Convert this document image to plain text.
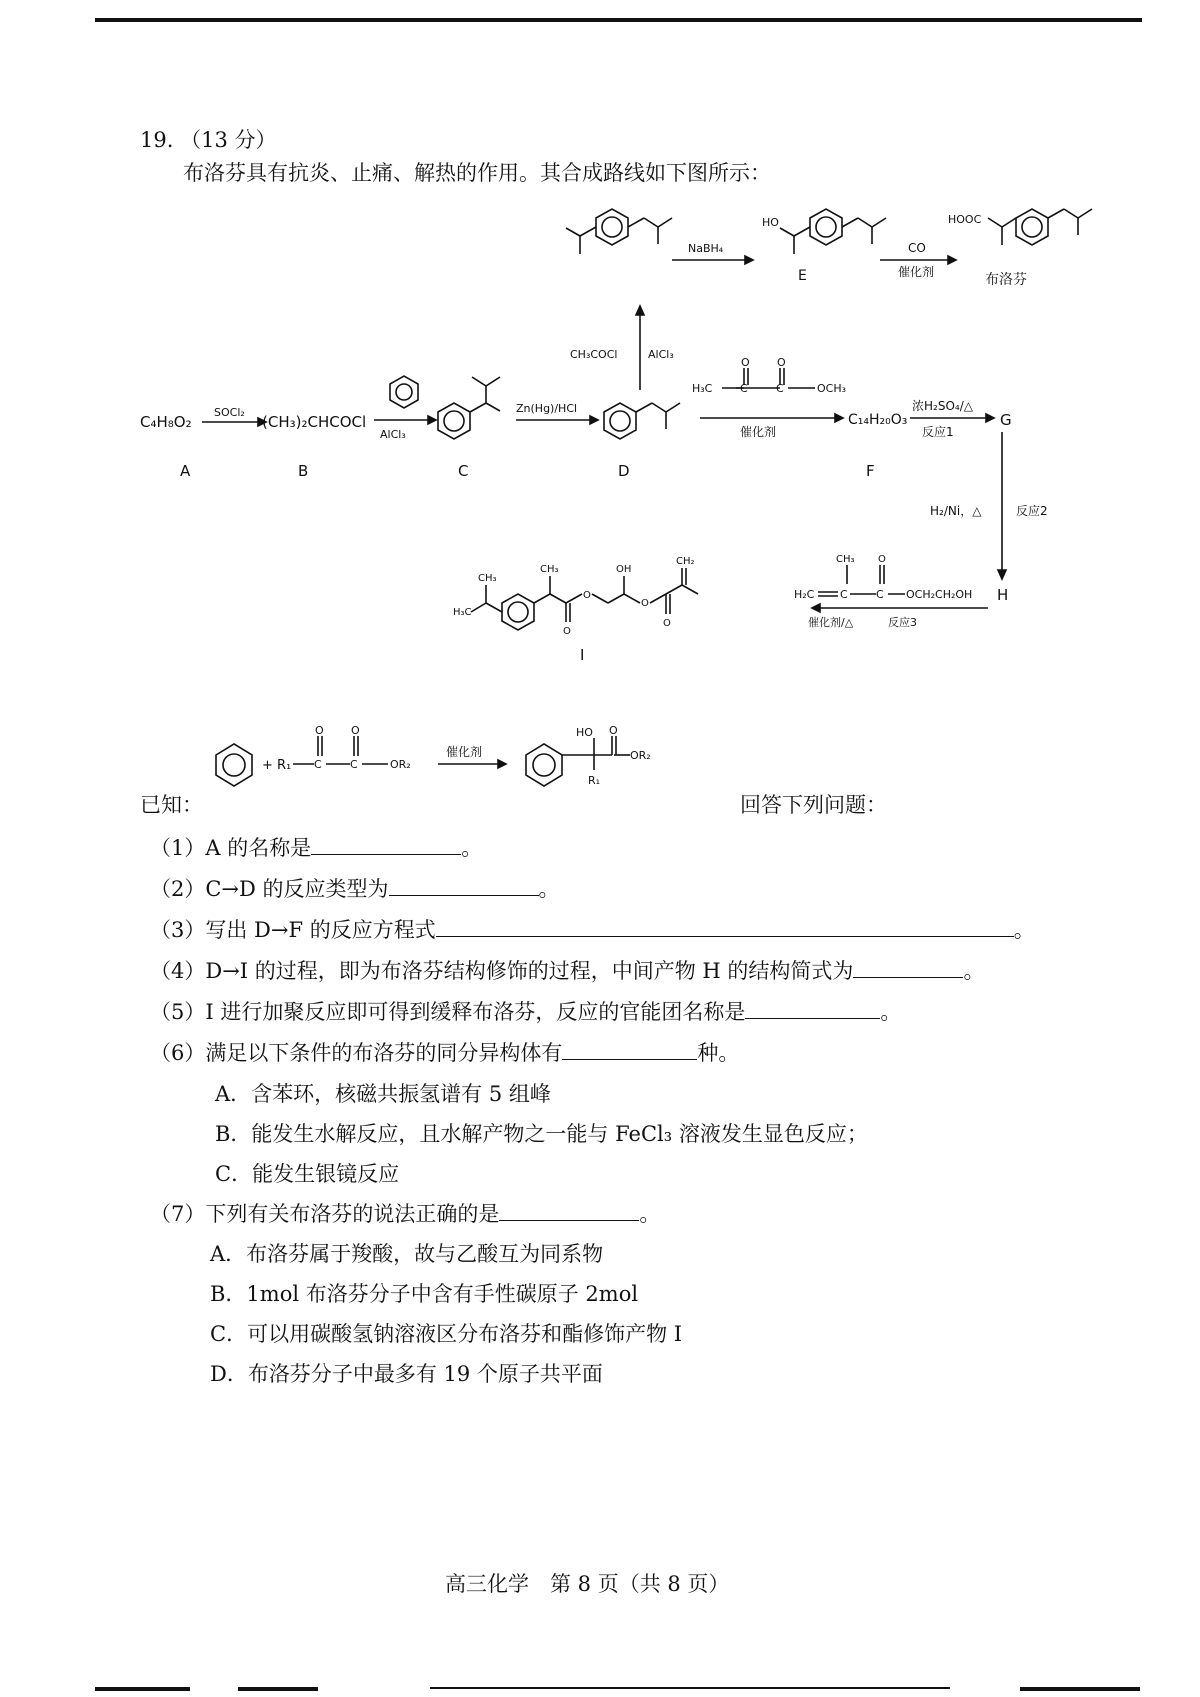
19. （13 分）
布洛芬具有抗炎、止痛、解热的作用。其合成路线如下图所示：
NaBH₄
HO
E
CO
催化剂
HOOC
布洛芬
CH₃COCl	AlCl₃
C₄H₈O₂
SOCl₂
(CH₃)₂CHCOCl
AlCl₃
Zn(Hg)/HCl
H₃C	C	C
O O
OCH₃
催化剂
C₁₄H₂₀O₃
浓H₂SO₄/△
反应1
G
A	B	C	D	F
H₂/Ni，△	反应2
H
H₂C C
CH₃
C
O
OCH₂CH₂OH
催化剂/△	反应3
H₃C
CH₃
CH₃
O
O
OH
O
O
CH₂
I
+ R₁ C	C
O O
OR₂
催化剂
HO
R₁
O
OR₂
已知：	回答下列问题：
（1）A 的名称是	。
（2）C→D 的反应类型为	。
（3）写出 D→F 的反应方程式	。
（4）D→I 的过程，即为布洛芬结构修饰的过程，中间产物 H 的结构简式为	。
（5）I 进行加聚反应即可得到缓释布洛芬，反应的官能团名称是	。
（6）满足以下条件的布洛芬的同分异构体有	种。
A．含苯环，核磁共振氢谱有 5 组峰
B．能发生水解反应，且水解产物之一能与 FeCl₃ 溶液发生显色反应；
C．能发生银镜反应
（7）下列有关布洛芬的说法正确的是	。
A．布洛芬属于羧酸，故与乙酸互为同系物
B．1mol 布洛芬分子中含有手性碳原子 2mol
C．可以用碳酸氢钠溶液区分布洛芬和酯修饰产物 I
D．布洛芬分子中最多有 19 个原子共平面
高三化学　第 8 页（共 8 页）
